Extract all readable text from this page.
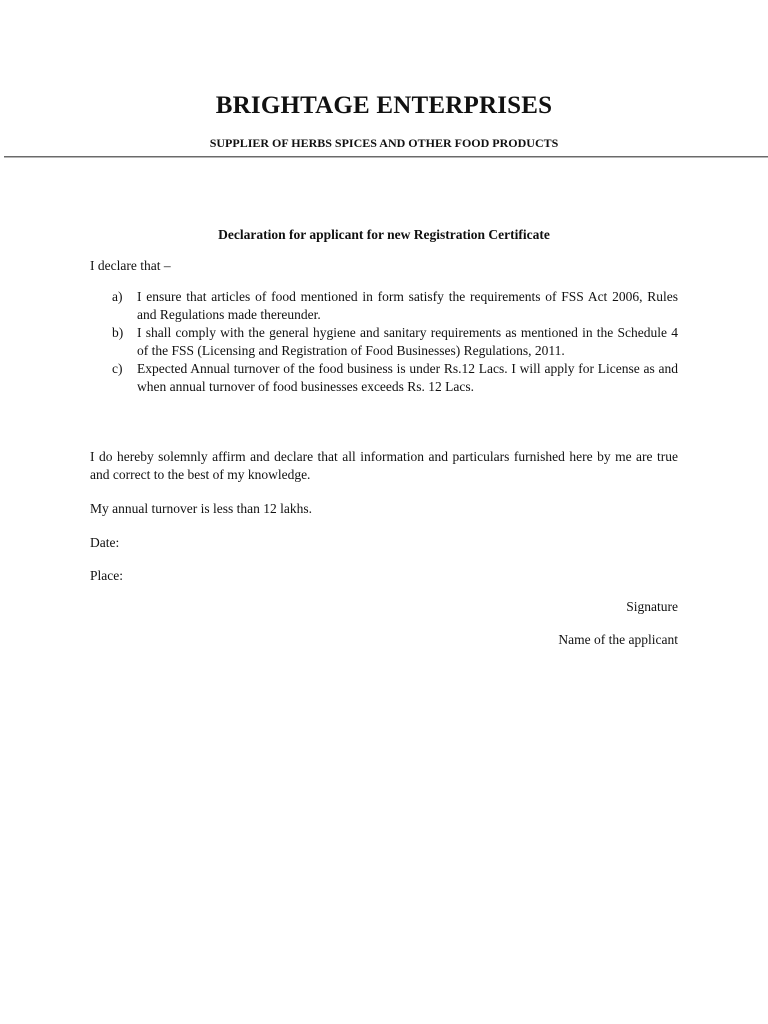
BRIGHTAGE ENTERPRISES
SUPPLIER OF HERBS SPICES AND OTHER FOOD PRODUCTS
Declaration for applicant for new Registration Certificate
I declare that –
a) I ensure that articles of food mentioned in form satisfy the requirements of FSS Act 2006, Rules and Regulations made thereunder.
b) I shall comply with the general hygiene and sanitary requirements as mentioned in the Schedule 4 of the FSS (Licensing and Registration of Food Businesses) Regulations, 2011.
c) Expected Annual turnover of the food business is under Rs.12 Lacs. I will apply for License as and when annual turnover of food businesses exceeds Rs. 12 Lacs.
I do hereby solemnly affirm and declare that all information and particulars furnished here by me are true and correct to the best of my knowledge.
My annual turnover is less than 12 lakhs.
Date:
Place:
Signature
Name of the applicant
